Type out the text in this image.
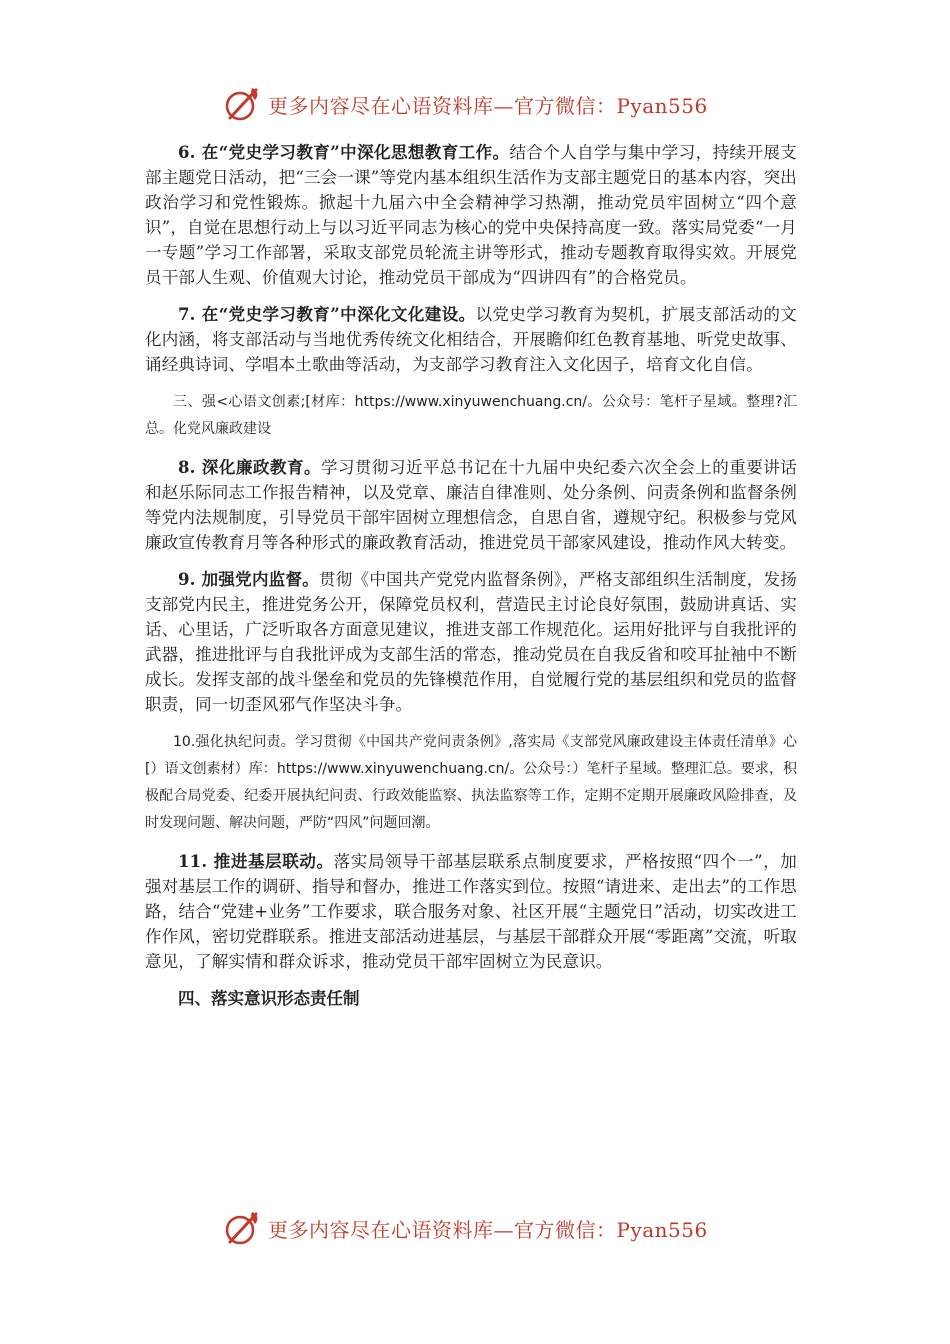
更多内容尽在心语资料库—官方微信：Pyan556

6. 在“党史学习教育”中深化思想教育工作。结合个人自学与集中学习，持续开展支部主题党日活动，把“三会一课”等党内基本组织生活作为支部主题党日的基本内容，突出政治学习和党性锻炼。掀起十九届六中全会精神学习热潮，推动党员牢固树立“四个意识”，自觉在思想行动上与以习近平同志为核心的党中央保持高度一致。落实局党委“一月一专题”学习工作部署，采取支部党员轮流主讲等形式，推动专题教育取得实效。开展党员干部人生观、价值观大讨论，推动党员干部成为“四讲四有”的合格党员。

7. 在“党史学习教育”中深化文化建设。以党史学习教育为契机，扩展支部活动的文化内涵，将支部活动与当地优秀传统文化相结合，开展瞻仰红色教育基地、听党史故事、诵经典诗词、学唱本土歌曲等活动，为支部学习教育注入文化因子，培育文化自信。

三、强<心语文创素;[材库：https://www.xinyuwenchuang.cn/。公众号：笔杆子星域。整理?汇总。化党风廉政建设

8. 深化廉政教育。学习贯彻习近平总书记在十九届中央纪委六次全会上的重要讲话和赵乐际同志工作报告精神，以及党章、廉洁自律准则、处分条例、问责条例和监督条例等党内法规制度，引导党员干部牢固树立理想信念，自思自省，遵规守纪。积极参与党风廉政宣传教育月等各种形式的廉政教育活动，推进党员干部家风建设，推动作风大转变。

9. 加强党内监督。贯彻《中国共产党党内监督条例》，严格支部组织生活制度，发扬支部党内民主，推进党务公开，保障党员权利，营造民主讨论良好氛围，鼓励讲真话、实话、心里话，广泛听取各方面意见建议，推进支部工作规范化。运用好批评与自我批评的武器，推进批评与自我批评成为支部生活的常态，推动党员在自我反省和咬耳扯袖中不断成长。发挥支部的战斗堡垒和党员的先锋模范作用，自觉履行党的基层组织和党员的监督职责，同一切歪风邪气作坚决斗争。

10.强化执纪问责。学习贯彻《中国共产党问责条例》,落实局《支部党风廉政建设主体责任清单》心[）语文创素材）库：https://www.xinyuwenchuang.cn/。公众号：）笔杆子星域。整理汇总。要求，积极配合局党委、纪委开展执纪问责、行政效能监察、执法监察等工作，定期不定期开展廉政风险排查，及时发现问题、解决问题，严防“四风”问题回潮。

11. 推进基层联动。落实局领导干部基层联系点制度要求，严格按照“四个一”，加强对基层工作的调研、指导和督办，推进工作落实到位。按照“请进来、走出去”的工作思路，结合“党建+业务”工作要求，联合服务对象、社区开展“主题党日”活动，切实改进工作作风，密切党群联系。推进支部活动进基层，与基层干部群众开展“零距离”交流，听取意见，了解实情和群众诉求，推动党员干部牢固树立为民意识。

四、落实意识形态责任制

更多内容尽在心语资料库—官方微信：Pyan556
